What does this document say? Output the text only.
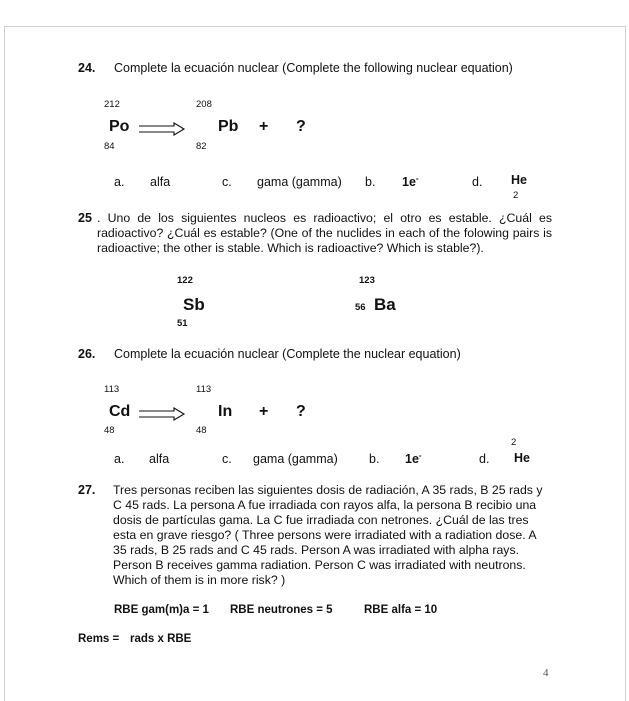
24. Complete la ecuación nuclear (Complete the following nuclear equation)
212
Po
84
208
Pb
82
+ ?
a. alfa	c. gama (gamma) b. 1e-	d. He
2
25 . Uno de los siguientes nucleos es radioactivo; el otro es estable. ¿Cuál es radioactivo? ¿Cuál es estable? (One of the nuclides in each of the folowing pairs is radioactive; the other is stable. Which is radioactive? Which is stable?).
122
Sb
51
123
56 Ba
26. Complete la ecuación nuclear (Complete the nuclear equation)
113
Cd
48
113
In
48
+ ?
2
a. alfa	c. gama (gamma)	b. 1e-	d. He
27. Tres personas reciben las siguientes dosis de radiación, A 35 rads, B 25 rads y C 45 rads. La persona A fue irradiada con rayos alfa, la persona B recibio una dosis de partículas gama. La C fue irradiada con netrones. ¿Cuál de las tres esta en grave riesgo? ( Three persons were irradiated with a radiation dose. A 35 rads, B 25 rads and C 45 rads. Person A was irradiated with alpha rays. Person B receives gamma radiation. Person C was irradiated with neutrons. Which of them is in more risk? )
RBE gam(m)a = 1 RBE neutrones = 5	RBE alfa = 10
Rems = rads x RBE
4
